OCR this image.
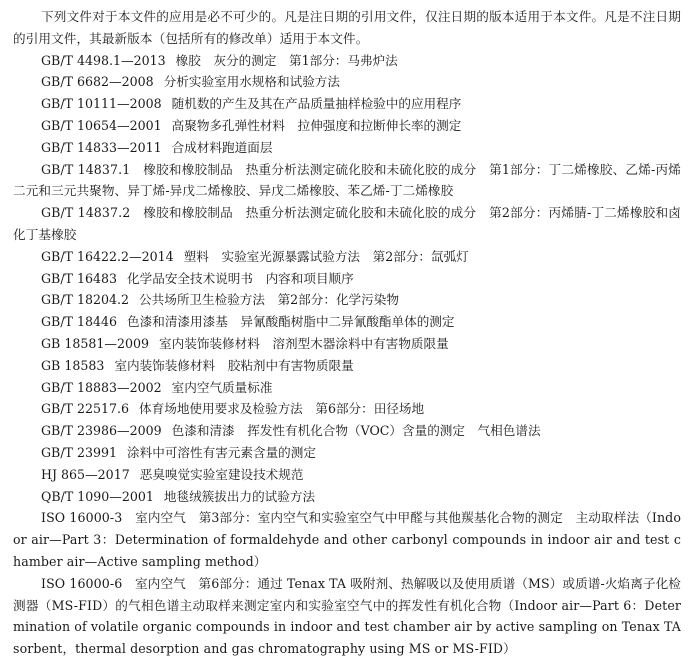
下列文件对于本文件的应用是必不可少的。凡是注日期的引用文件，仅注日期的版本适用于本文件。凡是不注日期的引用文件，其最新版本（包括所有的修改单）适用于本文件。

GB/T 4498.1—2013 橡胶　灰分的测定　第1部分：马弗炉法
GB/T 6682—2008 分析实验室用水规格和试验方法
GB/T 10111—2008 随机数的产生及其在产品质量抽样检验中的应用程序
GB/T 10654—2001 高聚物多孔弹性材料　拉伸强度和拉断伸长率的测定
GB/T 14833—2011 合成材料跑道面层

GB/T 14837.1　橡胶和橡胶制品　热重分析法测定硫化胶和未硫化胶的成分　第1部分：丁二烯橡胶、乙烯-丙烯二元和三元共聚物、异丁烯-异戊二烯橡胶、异戊二烯橡胶、苯乙烯-丁二烯橡胶

GB/T 14837.2　橡胶和橡胶制品　热重分析法测定硫化胶和未硫化胶的成分　第2部分：丙烯腈-丁二烯橡胶和卤化丁基橡胶

GB/T 16422.2—2014 塑料　实验室光源暴露试验方法　第2部分：氙弧灯
GB/T 16483 化学品安全技术说明书　内容和项目顺序
GB/T 18204.2 公共场所卫生检验方法　第2部分：化学污染物
GB/T 18446 色漆和清漆用漆基　异氰酸酯树脂中二异氰酸酯单体的测定
GB 18581—2009 室内装饰装修材料　溶剂型木器涂料中有害物质限量
GB 18583 室内装饰装修材料　胶粘剂中有害物质限量
GB/T 18883—2002 室内空气质量标准
GB/T 22517.6 体育场地使用要求及检验方法　第6部分：田径场地
GB/T 23986—2009 色漆和清漆　挥发性有机化合物（VOC）含量的测定　气相色谱法
GB/T 23991 涂料中可溶性有害元素含量的测定
HJ 865—2017 恶臭嗅觉实验室建设技术规范
QB/T 1090—2001 地毯绒簇拔出力的试验方法

ISO 16000-3　室内空气　第3部分：室内空气和实验室空气中甲醛与其他羰基化合物的测定　主动取样法（Indoor air—Part 3：Determination of formaldehyde and other carbonyl compounds in indoor air and test chamber air—Active sampling method）

ISO 16000-6　室内空气　第6部分：通过 Tenax TA 吸附剂、热解吸以及使用质谱（MS）或质谱-火焰离子化检测器（MS-FID）的气相色谱主动取样来测定室内和实验室空气中的挥发性有机化合物（Indoor air—Part 6：Determination of volatile organic compounds in indoor and test chamber air by active sampling on Tenax TA sorbent，thermal desorption and gas chromatography using MS or MS-FID）
